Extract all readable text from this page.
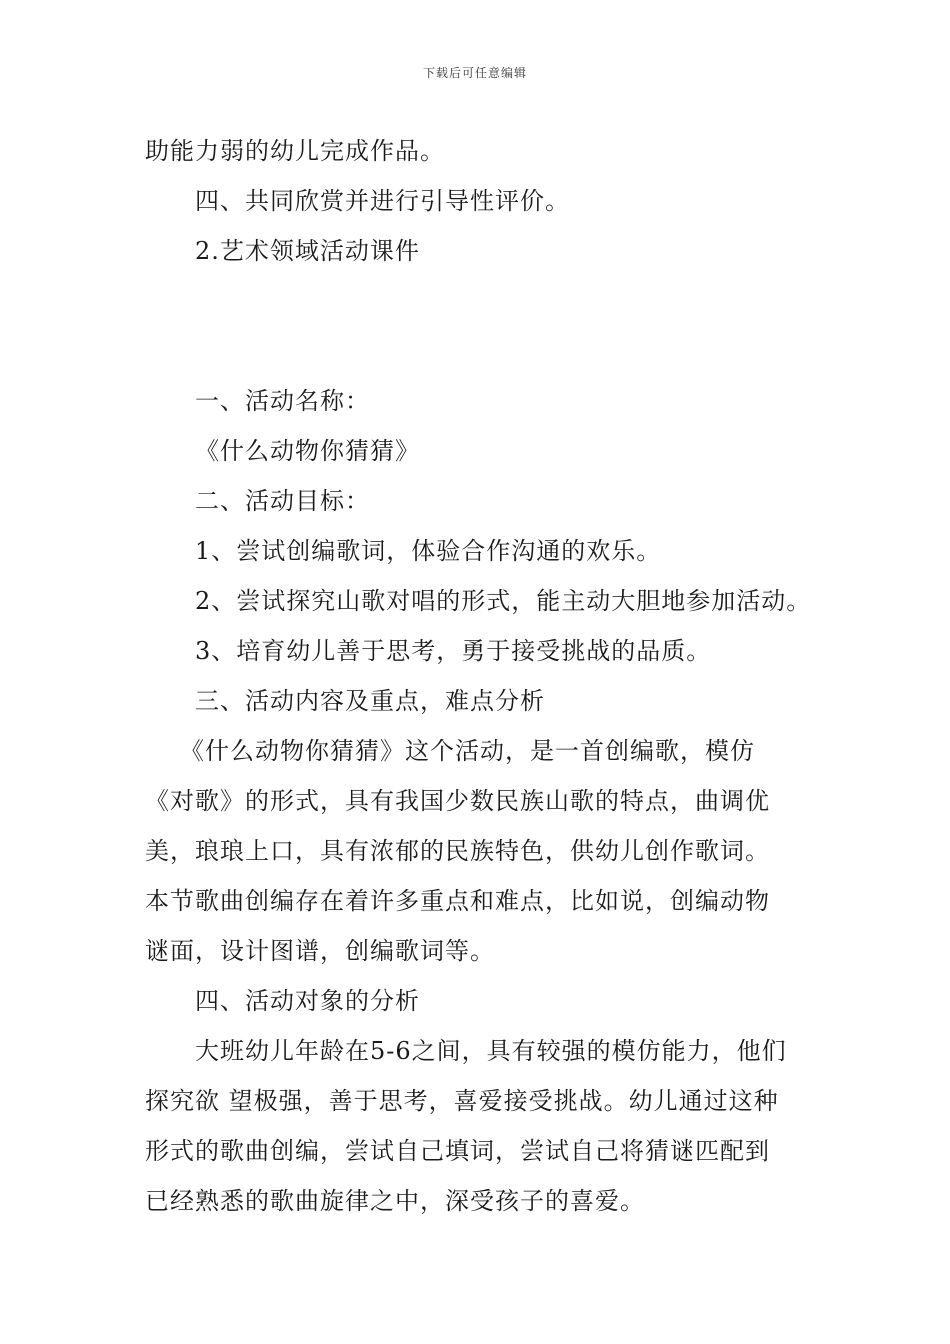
下载后可任意编辑
助能力弱的幼儿完成作品。
四、共同欣赏并进行引导性评价。
2.艺术领域活动课件
一、活动名称：
《什么动物你猜猜》
二、活动目标：
1、尝试创编歌词，体验合作沟通的欢乐。
2、尝试探究山歌对唱的形式，能主动大胆地参加活动。
3、培育幼儿善于思考，勇于接受挑战的品质。
三、活动内容及重点，难点分析
《什么动物你猜猜》这个活动，是一首创编歌，模仿
《对歌》的形式，具有我国少数民族山歌的特点，曲调优
美，琅琅上口，具有浓郁的民族特色，供幼儿创作歌词。
本节歌曲创编存在着许多重点和难点，比如说，创编动物
谜面，设计图谱，创编歌词等。
四、活动对象的分析
大班幼儿年龄在5-6之间，具有较强的模仿能力，他们
探究欲 望极强，善于思考，喜爱接受挑战。幼儿通过这种
形式的歌曲创编，尝试自己填词，尝试自己将猜谜匹配到
已经熟悉的歌曲旋律之中，深受孩子的喜爱。
